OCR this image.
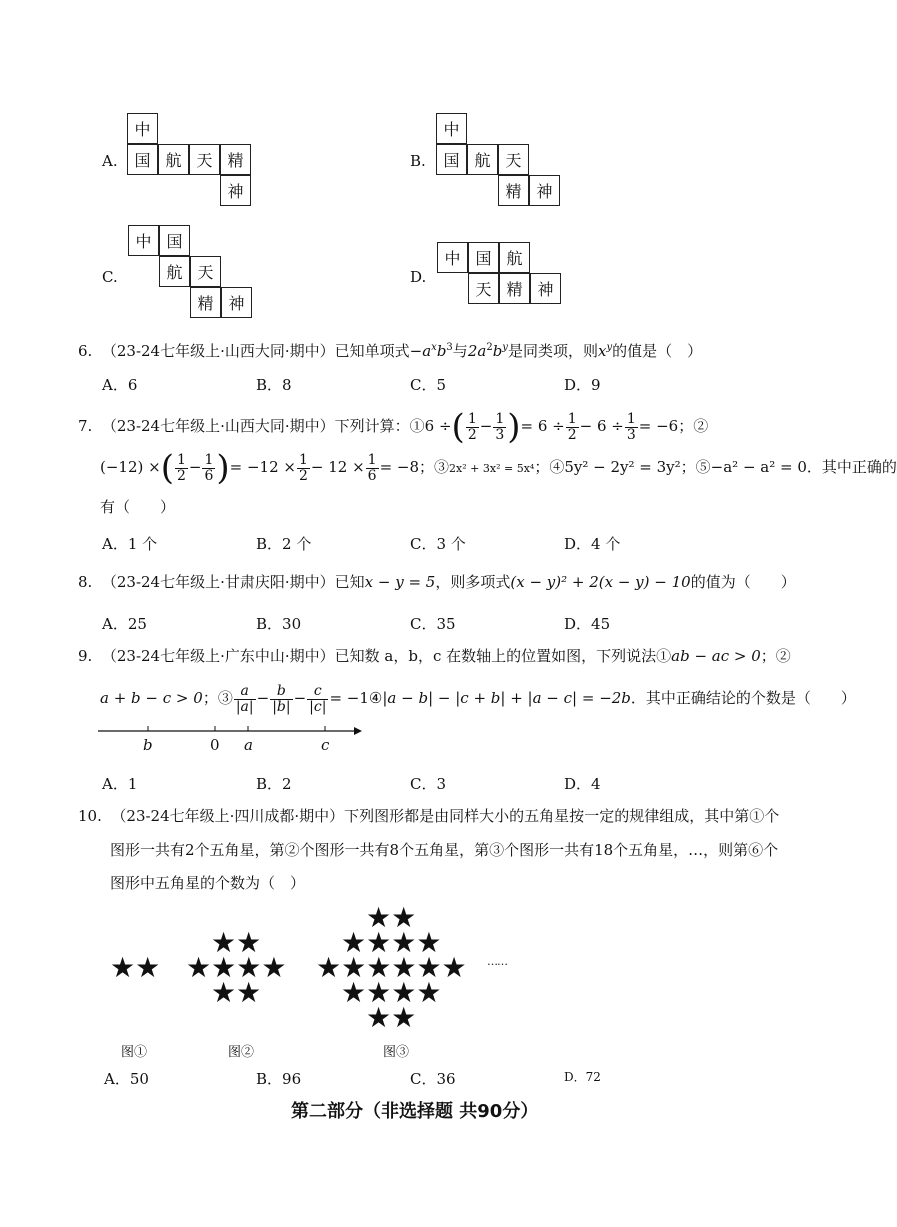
A.
中
国 航 天 精
神
B.
中
国 航 天
精 神
C.
中 国
航 天
精 神
D.
中 国 航
天 精 神
6. （23-24七年级上·山西大同·期中）已知单项式$-a^xb^3$与$2a^2b^y$是同类项，则$x^y$的值是（　）
A．6	B．8	C．5	D．9
7. （23-24七年级上·山西大同·期中）下列计算：①6 ÷( $\frac{1}{2} - \frac{1}{3}$ )= $6 \div \frac{1}{2} - 6 \div \frac{1}{3} = -6$；②
(−12) ×( $\frac{1}{2} - \frac{1}{6}$ )= $-12 \times \frac{1}{2} - 12 \times \frac{1}{6} = -8$；③2x² + 3x² = 5x⁴；④5y² − 2y² = 3y²；⑤−a² − a² = 0．其中正确的
有（　　）
A．1 个	B．2 个	C．3 个	D．4 个
8. （23-24七年级上·甘肃庆阳·期中）已知x − y = 5，则多项式(x − y)² + 2(x − y) − 10的值为（　　）
A．25	B．30	C．35	D．45
9. （23-24七年级上·广东中山·期中）已知数 a，b，c 在数轴上的位置如图，下列说法①ab − ac > 0；②
a + b − c > 0；③ $\frac{a}{|a|} - \frac{b}{|b|} - \frac{c}{|c|}$ = −1④|a − b| − |c + b| + |a − c| = −2b．其中正确结论的个数是（　　）
b	0 a	c
A．1	B．2	C．3	D．4
10. （23-24七年级上·四川成都·期中）下列图形都是由同样大小的五角星按一定的规律组成，其中第①个
图形一共有2个五角星，第②个图形一共有8个五角星，第③个图形一共有18个五角星，…，则第⑥个
图形中五角星的个数为（　）
★★
★★
★★★★
★★
★★
★★★★
★★★★★★
★★★★
★★
……
图①	图②	图③
A．50	B．96	C．36	D．72
第二部分（非选择题 共90分）
